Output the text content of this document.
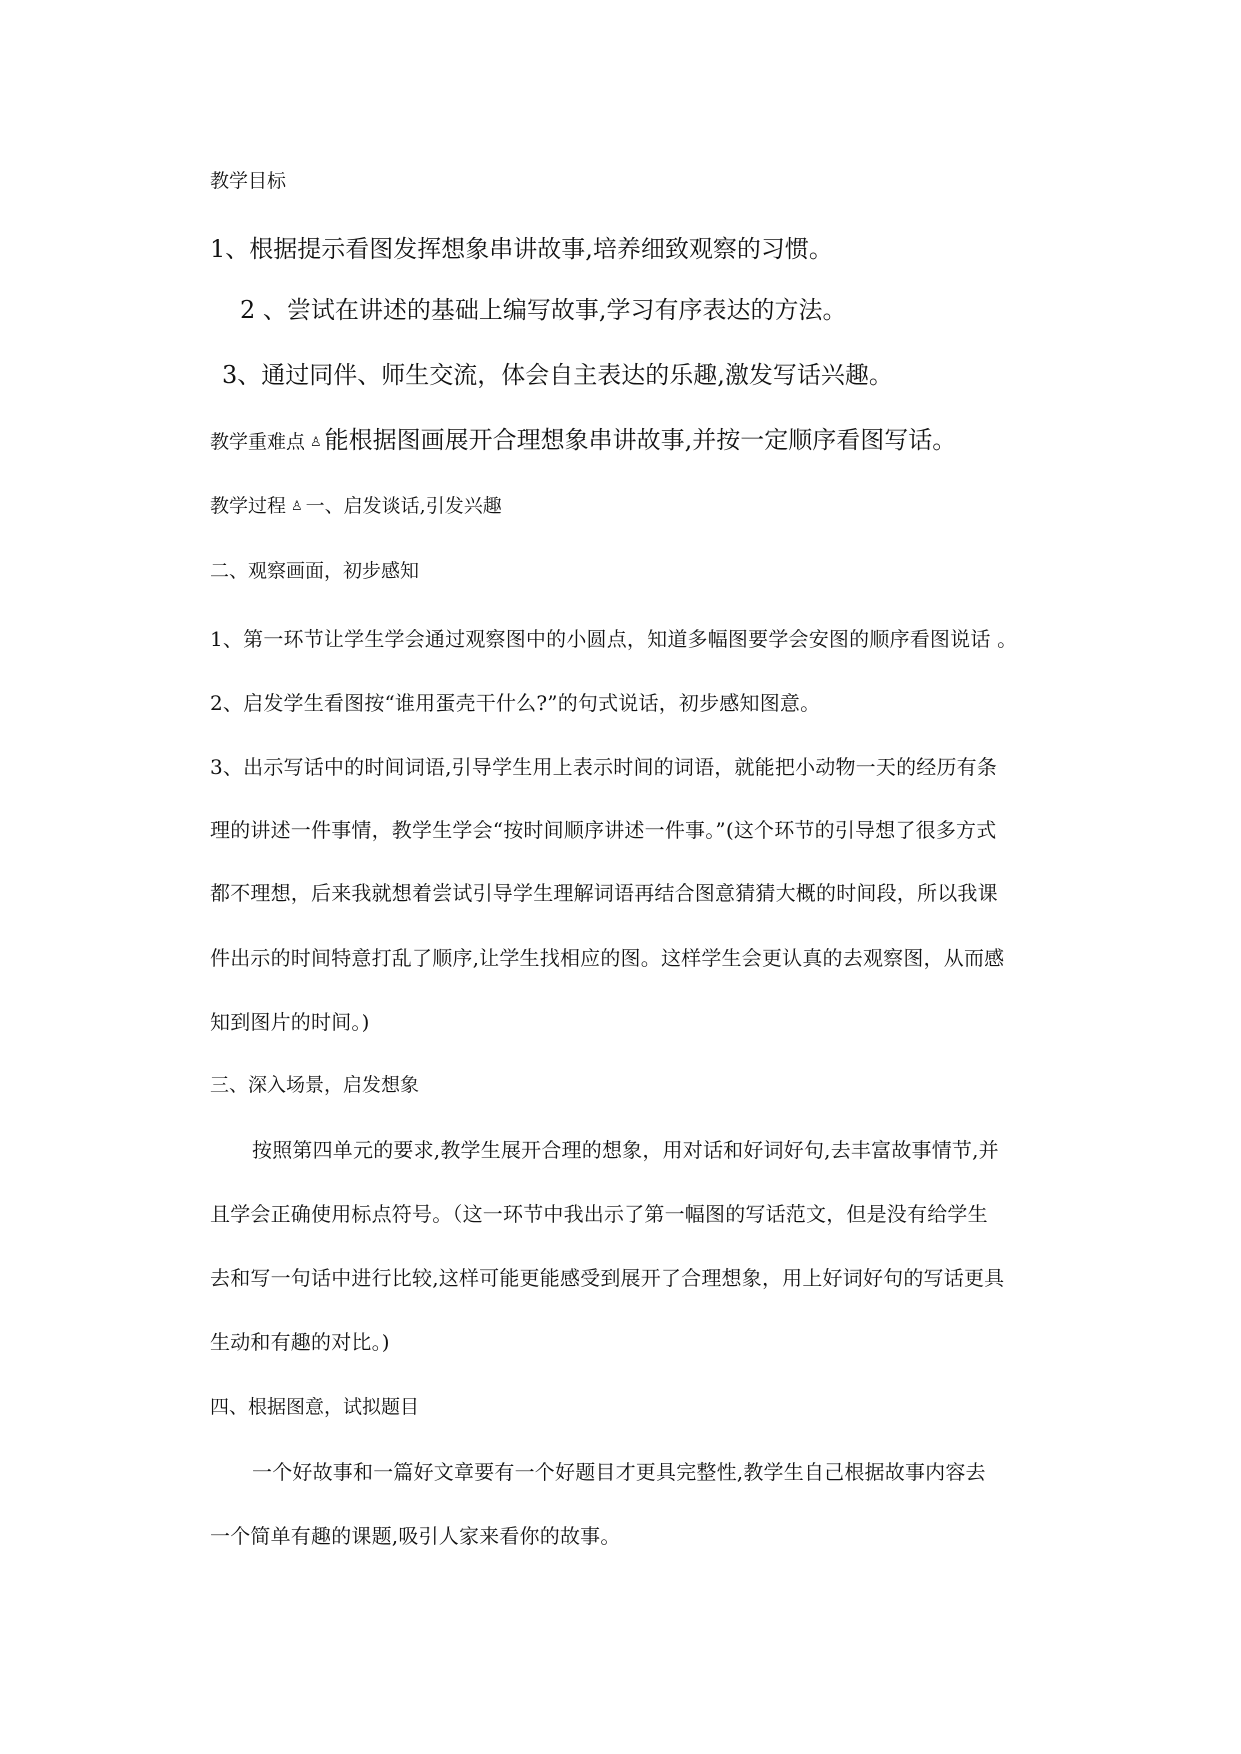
教学目标
1、根据提示看图发挥想象串讲故事,培养细致观察的习惯。
2 、尝试在讲述的基础上编写故事,学习有序表达的方法。
3、通过同伴、师生交流，体会自主表达的乐趣,激发写话兴趣。
教学重难点 ♙ 能根据图画展开合理想象串讲故事,并按一定顺序看图写话。
教学过程 ♙ 一、启发谈话,引发兴趣
二、观察画面，初步感知
1、第一环节让学生学会通过观察图中的小圆点，知道多幅图要学会安图的顺序看图说话 。
2、启发学生看图按“谁用蛋壳干什么?”的句式说话，初步感知图意。
3、出示写话中的时间词语,引导学生用上表示时间的词语，就能把小动物一天的经历有条
理的讲述一件事情，教学生学会“按时间顺序讲述一件事。”(这个环节的引导想了很多方式
都不理想，后来我就想着尝试引导学生理解词语再结合图意猜猜大概的时间段，所以我课
件出示的时间特意打乱了顺序,让学生找相应的图。这样学生会更认真的去观察图，从而感
知到图片的时间。)
三、深入场景，启发想象
按照第四单元的要求,教学生展开合理的想象，用对话和好词好句,去丰富故事情节,并
且学会正确使用标点符号。（这一环节中我出示了第一幅图的写话范文，但是没有给学生
去和写一句话中进行比较,这样可能更能感受到展开了合理想象，用上好词好句的写话更具
生动和有趣的对比。)
四、根据图意，试拟题目
一个好故事和一篇好文章要有一个好题目才更具完整性,教学生自己根据故事内容去
一个简单有趣的课题,吸引人家来看你的故事。
